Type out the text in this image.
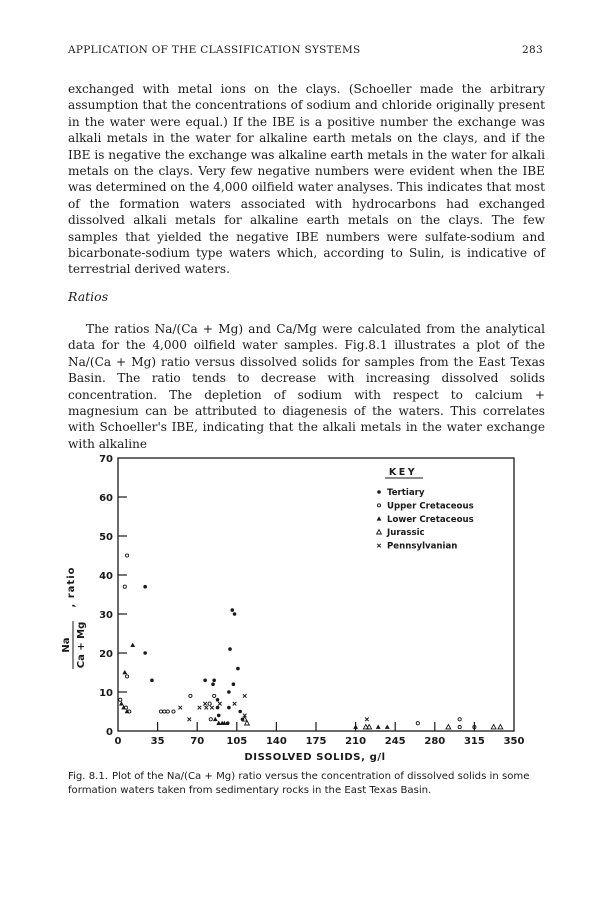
APPLICATION OF THE CLASSIFICATION SYSTEMS	283

exchanged with metal ions on the clays. (Schoeller made the arbitrary assumption that the concentrations of sodium and chloride originally present in the water were equal.) If the IBE is a positive number the exchange was alkali metals in the water for alkaline earth metals on the clays, and if the IBE is negative the exchange was alkaline earth metals in the water for alkali metals on the clays. Very few negative numbers were evident when the IBE was determined on the 4,000 oilfield water analyses. This indicates that most of the formation waters associated with hydrocarbons had exchanged dissolved alkali metals for alkaline earth metals on the clays. The few samples that yielded the negative IBE numbers were sulfate-sodium and bicarbonate-sodium type waters which, according to Sulin, is indicative of terrestrial derived waters.

Ratios

The ratios Na/(Ca + Mg) and Ca/Mg were calculated from the analytical data for the 4,000 oilfield water samples. Fig.8.1 illustrates a plot of the Na/(Ca + Mg) ratio versus dissolved solids for samples from the East Texas Basin. The ratio tends to decrease with increasing dissolved solids concentration. The depletion of sodium with respect to calcium + magnesium can be attributed to diagenesis of the waters. This correlates with Schoeller's IBE, indicating that the alkali metals in the water exchange with alkaline

0
10
20
30
40
50
60
70
0	35	70 105 140 175 210 245 280 315 350
DISSOLVED SOLIDS, g/l
Na Ca + Mg
, ratio
KEY
Tertiary
Upper Cretaceous
Lower Cretaceous
Jurassic
Pennsylvanian

Fig. 8.1. Plot of the Na/(Ca + Mg) ratio versus the concentration of dissolved solids in some formation waters taken from sedimentary rocks in the East Texas Basin.
